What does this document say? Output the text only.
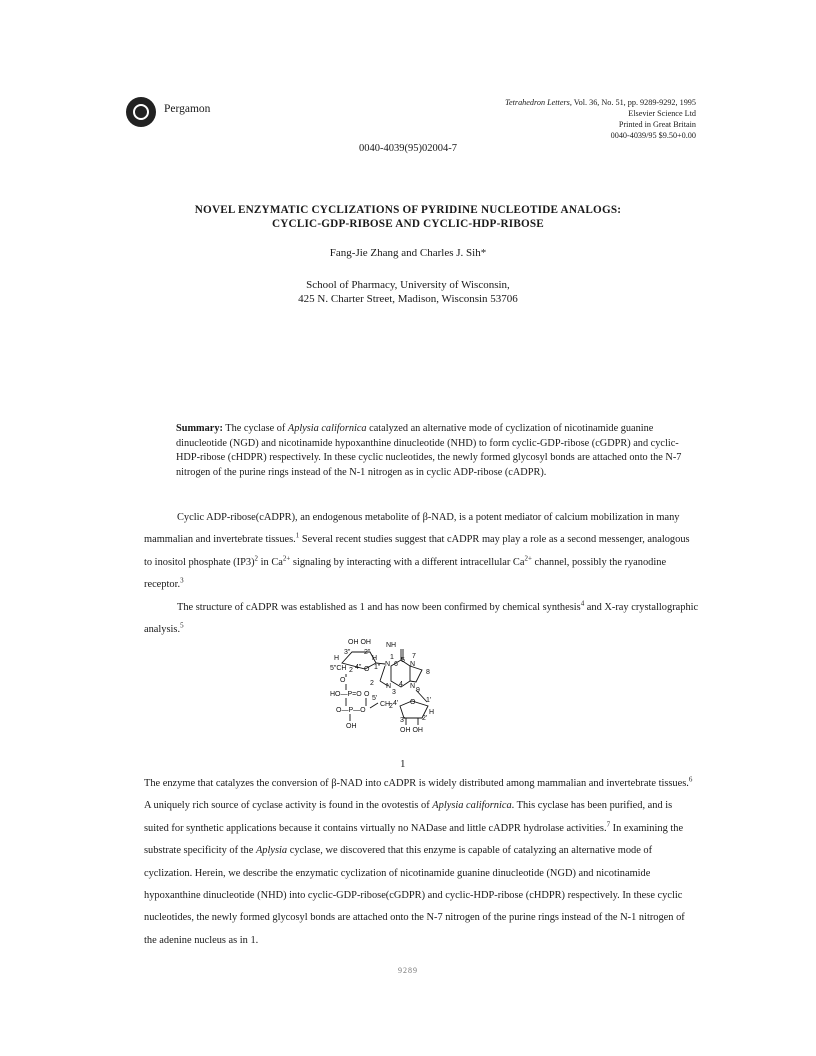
Pergamon
Tetrahedron Letters, Vol. 36, No. 51, pp. 9289-9292, 1995
Elsevier Science Ltd
Printed in Great Britain
0040-4039/95 $9.50+0.00
0040-4039(95)02004-7
NOVEL ENZYMATIC CYCLIZATIONS OF PYRIDINE NUCLEOTIDE ANALOGS:
CYCLIC-GDP-RIBOSE AND CYCLIC-HDP-RIBOSE
Fang-Jie Zhang and Charles J. Sih*
School of Pharmacy, University of Wisconsin,
425 N. Charter Street, Madison, Wisconsin 53706
Summary: The cyclase of Aplysia californica catalyzed an alternative mode of cyclization of nicotinamide guanine dinucleotide (NGD) and nicotinamide hypoxanthine dinucleotide (NHD) to form cyclic-GDP-ribose (cGDPR) and cyclic-HDP-ribose (cHDPR) respectively. In these cyclic nucleotides, the newly formed glycosyl bonds are attached onto the N-7 nitrogen of the purine rings instead of the N-1 nitrogen as in cyclic ADP-ribose (cADPR).
Cyclic ADP-ribose(cADPR), an endogenous metabolite of β-NAD, is a potent mediator of calcium mobilization in many mammalian and invertebrate tissues.$^1$ Several recent studies suggest that cADPR may play a role as a second messenger, analogous to inositol phosphate $(IP3)^2$ in $Ca^{2+}$ signaling by interacting with a different intracellular $Ca^{2+}$ channel, possibly the ryanodine receptor.$^3$
The structure of cADPR was established as 1 and has now been confirmed by chemical synthesis$^4$ and X-ray crystallographic analysis.$^5$
OH OH NH
3" 2"
H	H
5"CH 2 4" O 1" N
1
6
5
N
7
8
2 N 4 N
9
O
HO—P=O O
5'
CH
2 4' O 1'
3
O—P—O
OH
3' 2'
H
OH OH
1
The enzyme that catalyzes the conversion of β-NAD into cADPR is widely distributed among mammalian and invertebrate tissues.$^6$ A uniquely rich source of cyclase activity is found in the ovotestis of Aplysia californica. This cyclase has been purified, and is suited for synthetic applications because it contains virtually no NADase and little cADPR hydrolase activities.$^7$ In examining the substrate specificity of the Aplysia cyclase, we discovered that this enzyme is capable of catalyzing an alternative mode of cyclization. Herein, we describe the enzymatic cyclization of nicotinamide guanine dinucleotide (NGD) and nicotinamide hypoxanthine dinucleotide (NHD) into cyclic-GDP-ribose(cGDPR) and cyclic-HDP-ribose (cHDPR) respectively. In these cyclic nucleotides, the newly formed glycosyl bonds are attached onto the N-7 nitrogen of the purine rings instead of the N-1 nitrogen of the adenine nucleus as in 1.
9289
